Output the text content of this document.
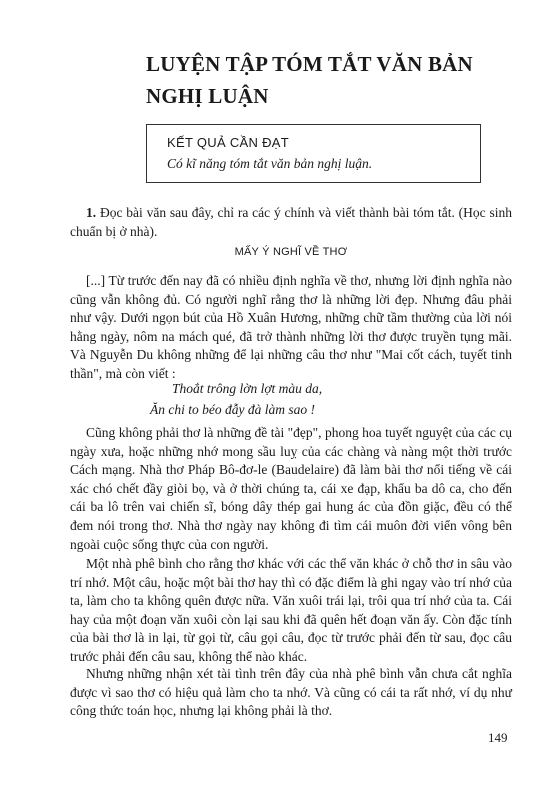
LUYỆN TẬP TÓM TẮT VĂN BẢN
NGHỊ LUẬN
KẾT QUẢ CẦN ĐẠT
Có kĩ năng tóm tắt văn bản nghị luận.

1. Đọc bài văn sau đây, chỉ ra các ý chính và viết thành bài tóm tắt. (Học sinh chuẩn bị ở nhà).

MẤY Ý NGHĨ VỀ THƠ

[...] Từ trước đến nay đã có nhiều định nghĩa về thơ, nhưng lời định nghĩa nào cũng vẫn không đủ. Có người nghĩ rằng thơ là những lời đẹp. Nhưng đâu phải như vậy. Dưới ngọn bút của Hồ Xuân Hương, những chữ tầm thường của lời nói hằng ngày, nôm na mách qué, đã trở thành những lời thơ được truyền tụng mãi. Và Nguyễn Du không những để lại những câu thơ như "Mai cốt cách, tuyết tinh thần", mà còn viết :

Thoắt trông lờn lợt màu da,
Ăn chi to béo đẫy đà làm sao !

Cũng không phải thơ là những đề tài "đẹp", phong hoa tuyết nguyệt của các cụ ngày xưa, hoặc những nhớ mong sầu luỵ của các chàng và nàng một thời trước Cách mạng. Nhà thơ Pháp Bô-đơ-le (Baudelaire) đã làm bài thơ nổi tiếng về cái xác chó chết đầy giòi bọ, và ở thời chúng ta, cái xe đạp, khẩu ba dô ca, cho đến cái ba lô trên vai chiến sĩ, bóng dây thép gai hung ác của đồn giặc, đều có thể đem nói trong thơ. Nhà thơ ngày nay không đi tìm cái muôn đời viển vông bên ngoài cuộc sống thực của con người.

Một nhà phê bình cho rằng thơ khác với các thể văn khác ở chỗ thơ in sâu vào trí nhớ. Một câu, hoặc một bài thơ hay thì có đặc điểm là ghi ngay vào trí nhớ của ta, làm cho ta không quên được nữa. Văn xuôi trái lại, trôi qua trí nhớ của ta. Cái hay của một đoạn văn xuôi còn lại sau khi đã quên hết đoạn văn ấy. Còn đặc tính của bài thơ là in lại, từ gọi từ, câu gọi câu, đọc từ trước phải đến từ sau, đọc câu trước phải đến câu sau, không thể nào khác.

Nhưng những nhận xét tài tình trên đây của nhà phê bình vẫn chưa cắt nghĩa được vì sao thơ có hiệu quả làm cho ta nhớ. Và cũng có cái ta rất nhớ, ví dụ như công thức toán học, nhưng lại không phải là thơ.

149
